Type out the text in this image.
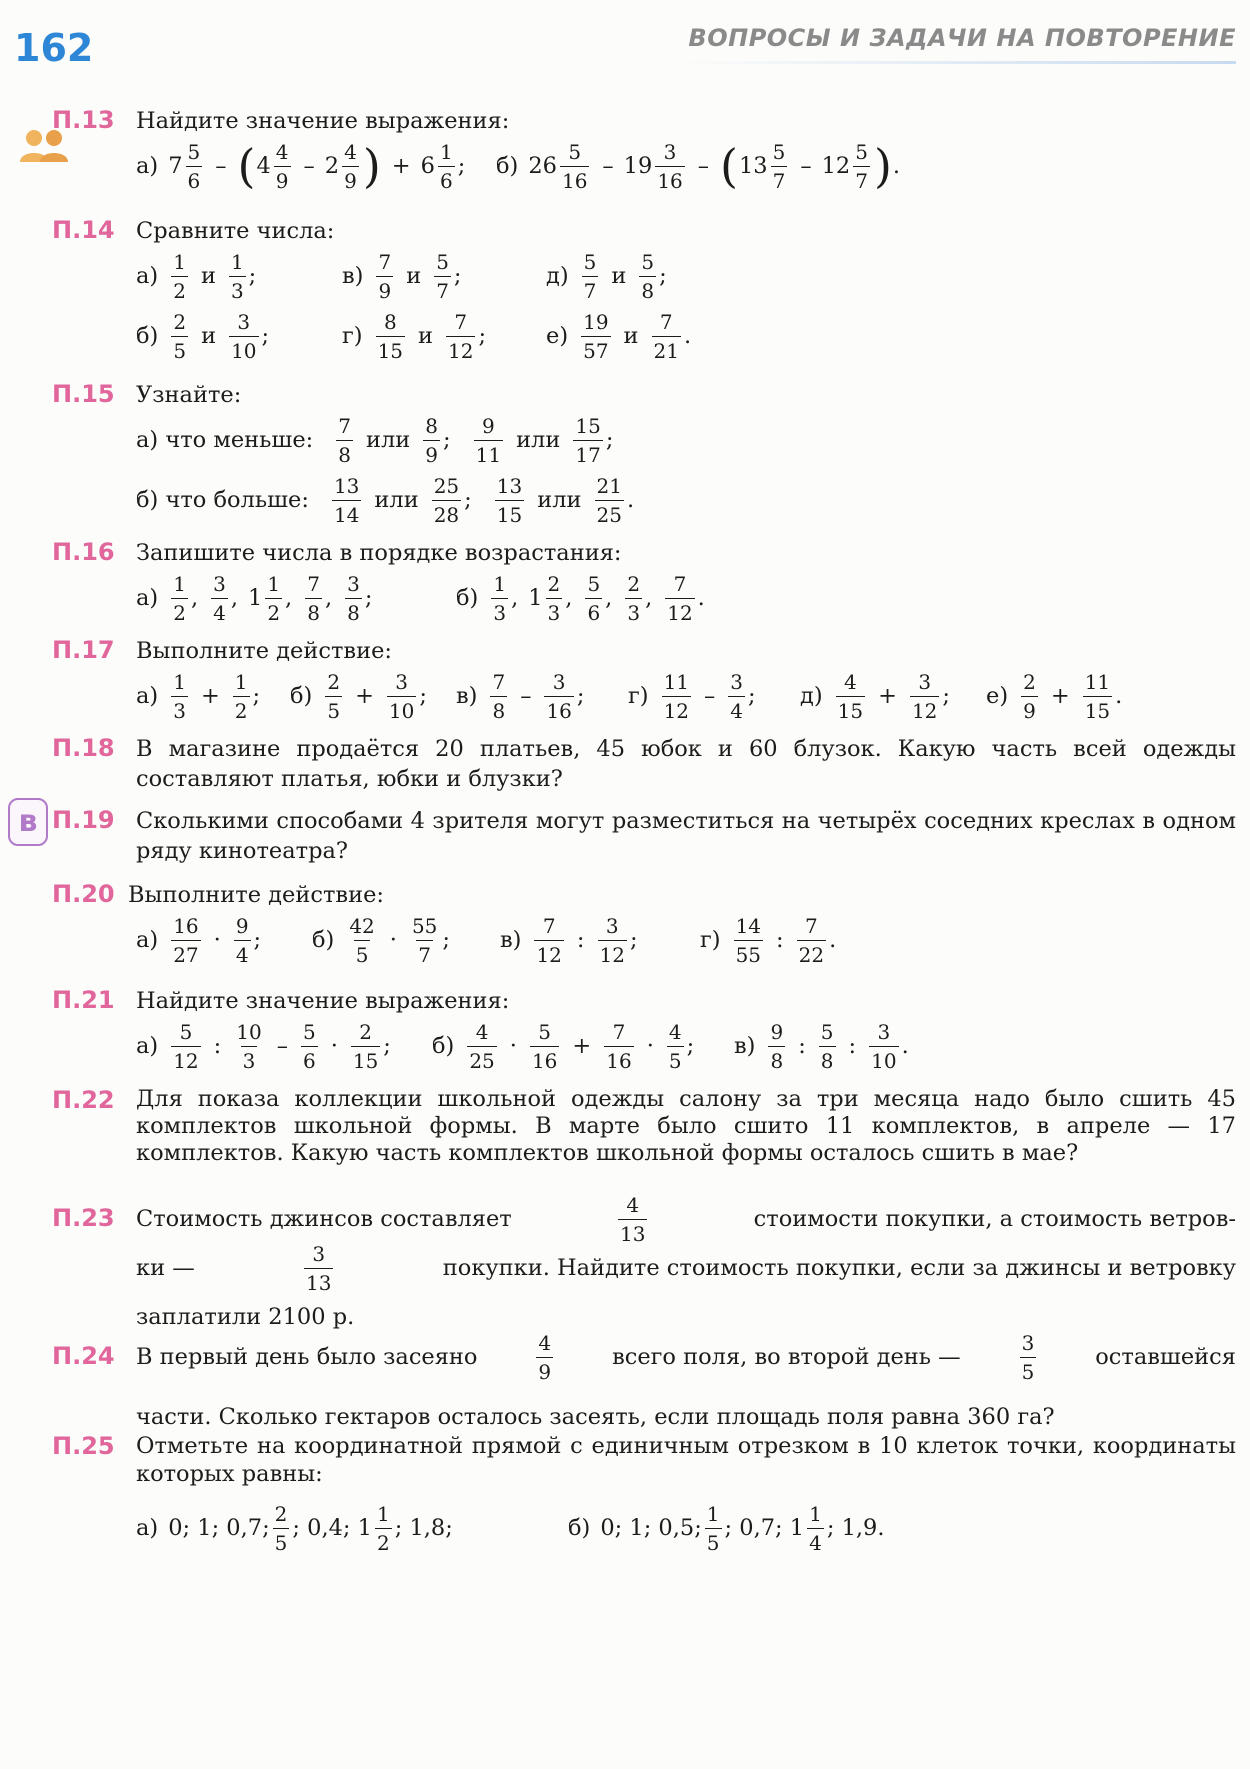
162	ВОПРОСЫ И ЗАДАЧИ НА ПОВТОРЕНИЕ
в
П.13 Найдите значение выражения:
а) $7 \frac{5}{6}$ – ( $4 \frac{4}{9} - 2 \frac{4}{9}$ ) + $6 \frac{1}{6}$ ; б) $26 \frac{5}{16} - 19 \frac{3}{16}$ – ( $13 \frac{5}{7} - 12 \frac{5}{7}$ ) .
П.14 Сравните числа:
$а) \frac{1}{2}$ и $\frac{1}{3}$ ;	$в) \frac{7}{9}$ и $\frac{5}{7}$ ;	$д) \frac{5}{7}$ и $\frac{5}{8}$ ;
$б) \frac{2}{5}$ и $\frac{3}{10}$ ;	$г) \frac{8}{15}$ и $\frac{7}{12}$ ;	$е) \frac{19}{57}$ и $\frac{7}{21}$ .
П.15 Узнайте:
а) что меньше: $\frac{7}{8}$ или $\frac{8}{9}$ ; $\frac{9}{11}$ или $\frac{15}{17}$ ;
б) что больше: $\frac{13}{14}$ или $\frac{25}{28}$ ; $\frac{13}{15}$ или $\frac{21}{25}$ .
П.16 Запишите числа в порядке возрастания:
$а) \frac{1}{2}$ , $\frac{3}{4}$ , $1 \frac{1}{2}$ , $\frac{7}{8}$ , $\frac{3}{8}$ ;	$б) \frac{1}{3}$ , $1 \frac{2}{3}$ , $\frac{5}{6}$ , $\frac{2}{3}$ , $\frac{7}{12}$ .
П.17 Выполните действие:
$а) \frac{1}{3} + \frac{1}{2}$ ; $б) \frac{2}{5} + \frac{3}{10}$ ; $в) \frac{7}{8} - \frac{3}{16}$ ; $г) \frac{11}{12} - \frac{3}{4}$ ; $д) \frac{4}{15} + \frac{3}{12}$ ; $е) \frac{2}{9} + \frac{11}{15}$ .
П.18 В магазине продаётся 20 платьев, 45 юбок и 60 блузок. Какую часть всей одежды составляют платья, юбки и блузки?
П.19 Сколькими способами 4 зрителя могут разместиться на четырёх соседних креслах в одном ряду кинотеатра?
П.20 Выполните действие:
$а) \frac{16}{27} \cdot \frac{9}{4}$ ; $б) \frac{42}{5} \cdot \frac{55}{7}$ ; $в) \frac{7}{12}$ : $\frac{3}{12}$ ;	$г) \frac{14}{55}$ : $\frac{7}{22}$ .
П.21 Найдите значение выражения:
$а) \frac{5}{12}$ : $\frac{10}{3} - \frac{5}{6} \cdot \frac{2}{15}$ ; $б) \frac{4}{25} \cdot \frac{5}{16} + \frac{7}{16} \cdot \frac{4}{5}$ ; $в) \frac{9}{8}$ : $\frac{5}{8}$ : $\frac{3}{10}$ .
П.22 Для показа коллекции школьной одежды салону за три месяца надо было сшить 45 комплектов школьной формы. В марте было сшито 11 комплектов, в апреле — 17 комплектов. Какую часть комплектов школьной формы осталось сшить в мае?
П.23 Стоимость джинсов составляет	$\frac{4}{13}$	стоимости покупки, а стоимость ветров-
ки —	$\frac{3}{13}$	покупки. Найдите стоимость покупки, если за джинсы и ветровку
заплатили 2100 р.
П.24 В первый день было засеяно	$\frac{4}{9}$	всего поля, во второй день —	$\frac{3}{5}$	оставшейся
части. Сколько гектаров осталось засеять, если площадь поля равна 360 га?
П.25 Отметьте на координатной прямой с единичным отрезком в 10 клеток точки, координаты которых равны:
а) 0; 1; 0,7; $\frac{2}{5}$ ; 0,4; $1 \frac{1}{2}$ ; 1,8;	б) 0; 1; 0,5; $\frac{1}{5}$ ; 0,7; $1 \frac{1}{4}$ ; 1,9.
